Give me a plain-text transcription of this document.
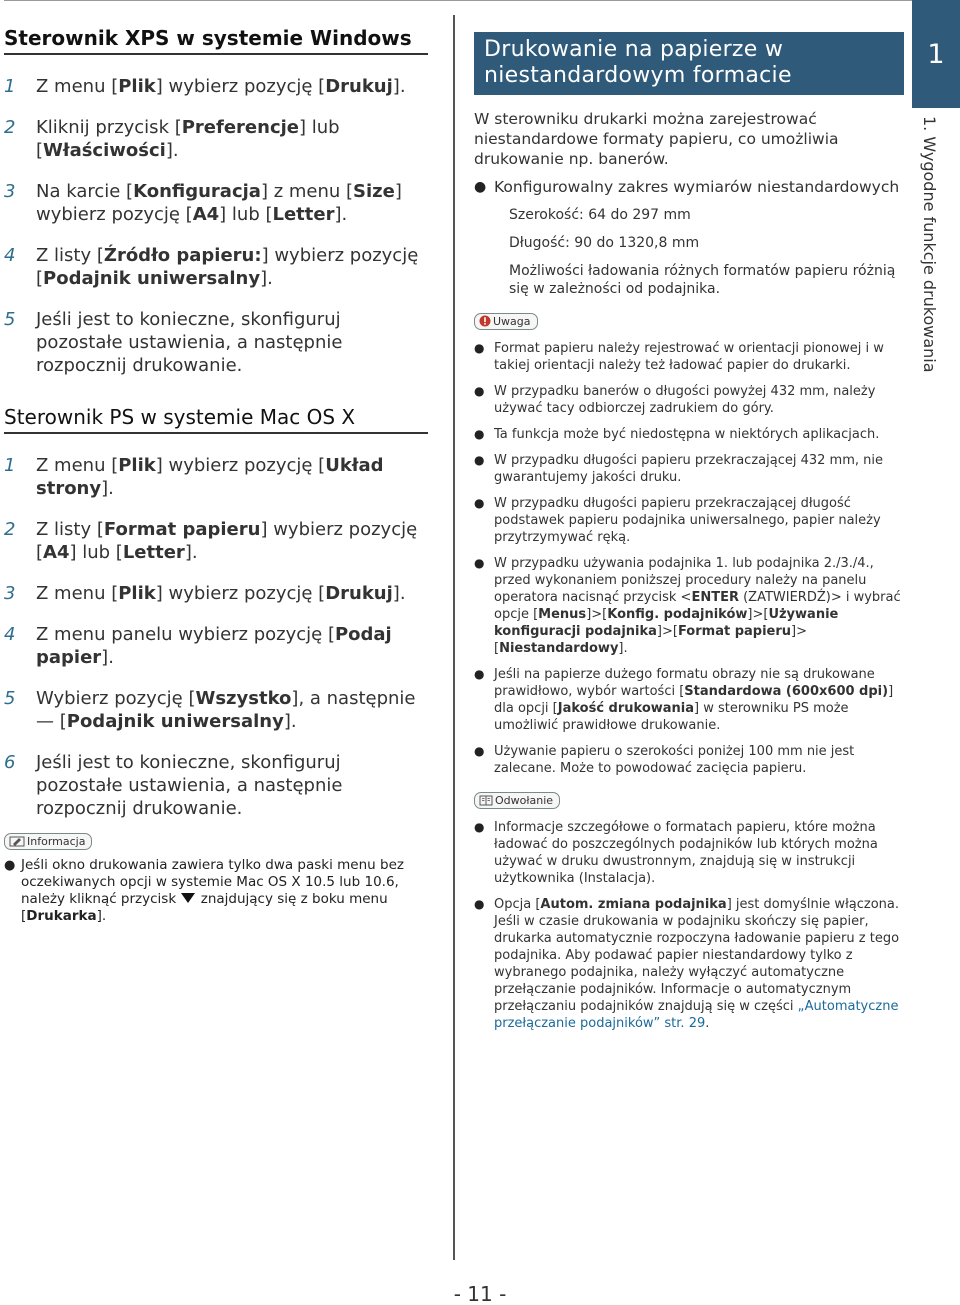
Sterownik XPS w systemie Windows
1	Z menu [Plik] wybierz pozycję [Drukuj].
2	Kliknij przycisk [Preferencje] lub [Właściwości].
3	Na karcie [Konfiguracja] z menu [Size] wybierz pozycję [A4] lub [Letter].
4	Z listy [Źródło papieru:] wybierz pozycję [Podajnik uniwersalny].
5	Jeśli jest to konieczne, skonfiguruj pozostałe ustawienia, a następnie rozpocznij drukowanie.
Sterownik PS w systemie Mac OS X
1	Z menu [Plik] wybierz pozycję [Układ strony].
2	Z listy [Format papieru] wybierz pozycję [A4] lub [Letter].
3	Z menu [Plik] wybierz pozycję [Drukuj].
4	Z menu panelu wybierz pozycję [Podaj papier].
5	Wybierz pozycję [Wszystko], a następnie — [Podajnik uniwersalny].
6	Jeśli jest to konieczne, skonfiguruj pozostałe ustawienia, a następnie rozpocznij drukowanie.
Informacja
● Jeśli okno drukowania zawiera tylko dwa paski menu bez oczekiwanych opcji w systemie Mac OS X 10.5 lub 10.6, należy kliknąć przycisk  znajdujący się z boku menu [Drukarka].
Drukowanie na papierze w niestandardowym formacie
W sterowniku drukarki można zarejestrować niestandardowe formaty papieru, co umożliwia drukowanie np. banerów.
● Konfigurowalny zakres wymiarów niestandardowych
Szerokość: 64 do 297 mm
Długość: 90 do 1320,8 mm
Możliwości ładowania różnych formatów papieru różnią się w zależności od podajnika.
Uwaga
● Format papieru należy rejestrować w orientacji pionowej i w takiej orientacji należy też ładować papier do drukarki.
● W przypadku banerów o długości powyżej 432 mm, należy używać tacy odbiorczej zadrukiem do góry.
● Ta funkcja może być niedostępna w niektórych aplikacjach.
● W przypadku długości papieru przekraczającej 432 mm, nie gwarantujemy jakości druku.
● W przypadku długości papieru przekraczającej długość podstawek papieru podajnika uniwersalnego, papier należy przytrzymywać ręką.
● W przypadku używania podajnika 1. lub podajnika 2./3./4., przed wykonaniem poniższej procedury należy na panelu operatora nacisnąć przycisk <ENTER (ZATWIERDŹ)> i wybrać opcje [Menus]>[Konfig. podajników]>[Używanie konfiguracji podajnika]>[Format papieru]>[Niestandardowy].
● Jeśli na papierze dużego formatu obrazy nie są drukowane prawidłowo, wybór wartości [Standardowa (600x600 dpi)] dla opcji [Jakość drukowania] w sterowniku PS może umożliwić prawidłowe drukowanie.
● Używanie papieru o szerokości poniżej 100 mm nie jest zalecane. Może to powodować zacięcia papieru.
Odwołanie
● Informacje szczegółowe o formatach papieru, które można ładować do poszczególnych podajników lub których można używać w druku dwustronnym, znajdują się w instrukcji użytkownika (Instalacja).
● Opcja [Autom. zmiana podajnika] jest domyślnie włączona. Jeśli w czasie drukowania w podajniku skończy się papier, drukarka automatycznie rozpoczyna ładowanie papieru z tego podajnika. Aby podawać papier niestandardowy tylko z wybranego podajnika, należy wyłączyć automatyczne przełączanie podajników. Informacje o automatycznym przełączaniu podajników znajdują się w części „Automatyczne przełączanie podajników” str. 29.
1
1. Wygodne funkcje drukowania
- 11 -
